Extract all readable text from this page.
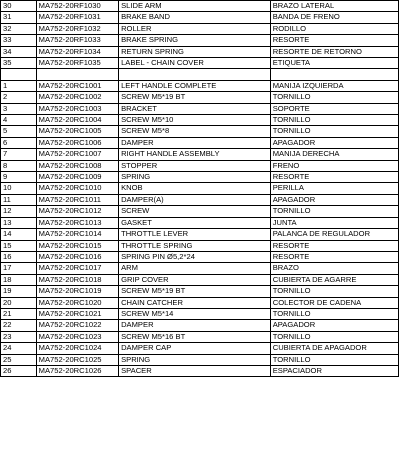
30	MA752-20RF1030	SLIDE ARM	BRAZO LATERAL
31	MA752-20RF1031	BRAKE BAND	BANDA DE FRENO
32	MA752-20RF1032	ROLLER	RODILLO
33	MA752-20RF1033	BRAKE SPRING	RESORTE
34	MA752-20RF1034	RETURN SPRING	RESORTE DE RETORNO
35	MA752-20RF1035	LABEL - CHAIN COVER	ETIQUETA

1	MA752-20RC1001	LEFT HANDLE COMPLETE	MANIJA IZQUIERDA
2	MA752-20RC1002	SCREW M5*19 BT	TORNILLO
3	MA752-20RC1003	BRACKET	SOPORTE
4	MA752-20RC1004	SCREW M5*10	TORNILLO
5	MA752-20RC1005	SCREW M5*8	TORNILLO
6	MA752-20RC1006	DAMPER	APAGADOR
7	MA752-20RC1007	RIGHT HANDLE ASSEMBLY	MANIJA DERECHA
8	MA752-20RC1008	STOPPER	FRENO
9	MA752-20RC1009	SPRING	RESORTE
10	MA752-20RC1010	KNOB	PERILLA
11	MA752-20RC1011	DAMPER(A)	APAGADOR
12	MA752-20RC1012	SCREW	TORNILLO
13	MA752-20RC1013	GASKET	JUNTA
14	MA752-20RC1014	THROTTLE LEVER	PALANCA DE REGULADOR
15	MA752-20RC1015	THROTTLE SPRING	RESORTE
16	MA752-20RC1016	SPRING PIN Ø5,2*24	RESORTE
17	MA752-20RC1017	ARM	BRAZO
18	MA752-20RC1018	GRIP COVER	CUBIERTA DE AGARRE
19	MA752-20RC1019	SCREW M5*19 BT	TORNILLO
20	MA752-20RC1020	CHAIN CATCHER	COLECTOR DE CADENA
21	MA752-20RC1021	SCREW M5*14	TORNILLO
22	MA752-20RC1022	DAMPER	APAGADOR
23	MA752-20RC1023	SCREW M5*16 BT	TORNILLO
24	MA752-20RC1024	DAMPER CAP	CUBIERTA DE APAGADOR
25	MA752-20RC1025	SPRING	TORNILLO
26	MA752-20RC1026	SPACER	ESPACIADOR
